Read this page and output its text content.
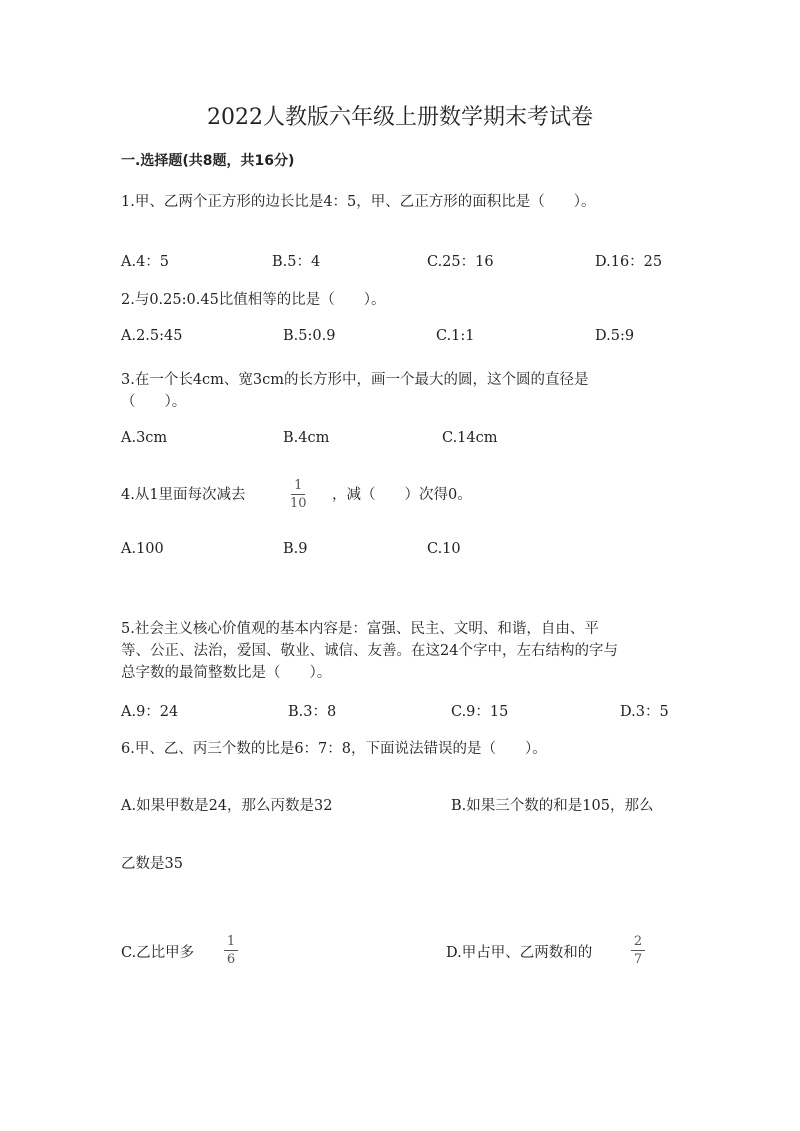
2022人教版六年级上册数学期末考试卷
一.选择题(共8题，共16分)
1.甲、乙两个正方形的边长比是4：5，甲、乙正方形的面积比是（　　）。
A.4：5	B.5：4	C.25：16	D.16：25
2.与0.25:0.45比值相等的比是（　　）。
A.2.5:45	B.5:0.9	C.1:1	D.5:9
3.在一个长4cm、宽3cm的长方形中，画一个最大的圆，这个圆的直径是
（　　）。
A.3cm	B.4cm	C.14cm
4.从1里面每次减去
1
10
，减（　　）次得0。
A.100	B.9	C.10
5.社会主义核心价值观的基本内容是：富强、民主、文明、和谐，自由、平
等、公正、法治，爱国、敬业、诚信、友善。在这24个字中，左右结构的字与
总字数的最简整数比是（　　）。
A.9：24	B.3：8	C.9：15	D.3：5
6.甲、乙、丙三个数的比是6：7：8，下面说法错误的是（　　）。
A.如果甲数是24，那么丙数是32	B.如果三个数的和是105，那么
乙数是35
C.乙比甲多
1
6	D.甲占甲、乙两数和的
2
7
